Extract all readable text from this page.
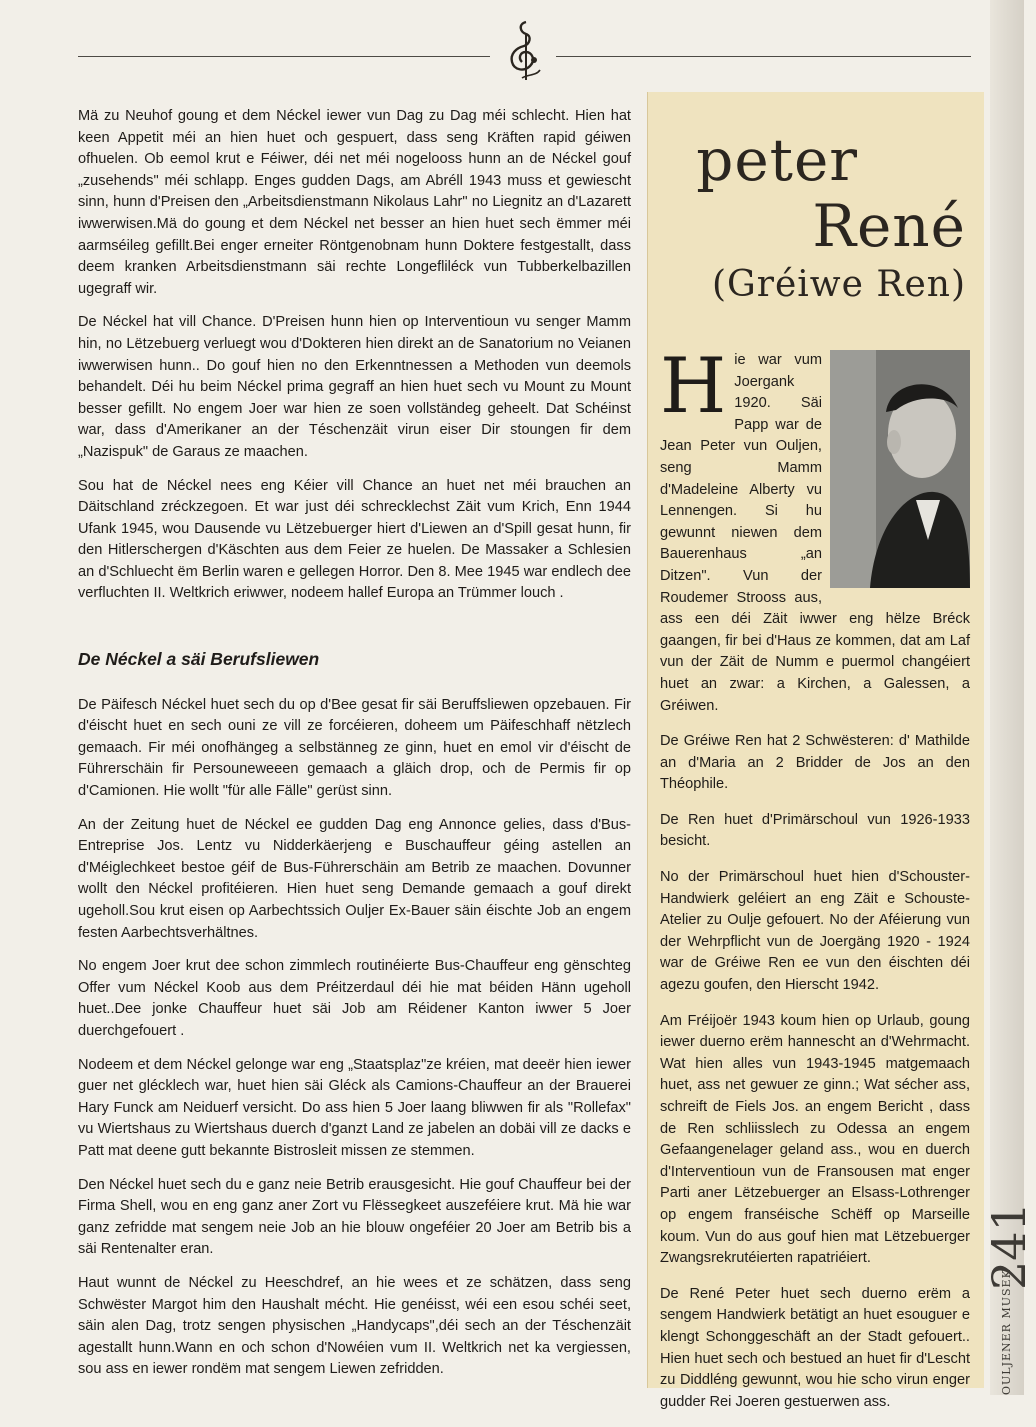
Mä zu Neuhof goung et dem Néckel iewer vun Dag zu Dag méi schlecht. Hien hat keen Appetit méi an hien huet och gespuert, dass seng Kräften rapid géiwen ofhuelen. Ob eemol krut e Féiwer, déi net méi nogelooss hunn an de Néckel gouf „zusehends" méi schlapp. Enges gudden Dags, am Abréll 1943 muss et gewiescht sinn, hunn d'Preisen den „Arbeitsdienstmann Nikolaus Lahr" no Liegnitz an d'Lazarett iwwerwisen.Mä do goung et dem Néckel net besser an hien huet sech ëmmer méi aarmséileg gefillt.Bei enger erneiter Röntgenobnam hunn Doktere festgestallt, dass deem kranken Arbeitsdienstmann säi rechte Longefliléck vun Tubberkelbazillen ugegraff wir.

De Néckel hat vill Chance. D'Preisen hunn hien op Interventioun vu senger Mamm hin, no Lëtzebuerg verluegt wou d'Dokteren hien direkt an de Sanatorium no Veianen iwwerwisen hunn.. Do gouf hien no den Erkenntnessen a Methoden vun deemols behandelt. Déi hu beim Néckel prima gegraff an hien huet sech vu Mount zu Mount besser gefillt. No engem Joer war hien ze soen vollständeg geheelt. Dat Schéinst war, dass d'Amerikaner an der Téschenzäit virun eiser Dir stoungen fir dem „Nazispuk" de Garaus ze maachen.

Sou hat de Néckel nees eng Kéier vill Chance an huet net méi brauchen an Däitschland zréckzegoen. Et war just déi schrecklechst Zäit vum Krich, Enn 1944 Ufank 1945, wou Dausende vu Lëtzebuerger hiert d'Liewen an d'Spill gesat hunn, fir den Hitlerschergen d'Käschten aus dem Feier ze huelen. De Massaker a Schlesien an d'Schluecht ëm Berlin waren e gellegen Horror. Den 8. Mee 1945 war endlech dee verfluchten II. Weltkrich eriwwer, nodeem hallef Europa an Trümmer louch .

De Néckel a säi Berufsliewen

De Päifesch Néckel huet sech du op d'Bee gesat fir säi Beruffsliewen opzebauen. Fir d'éischt huet en sech ouni ze vill ze forcéieren, doheem um Päifeschhaff nëtzlech gemaach. Fir méi onofhängeg a selbstänneg ze ginn, huet en emol vir d'éischt de Führerschäin fir Persouneweeen gemaach a gläich drop, och de Permis fir op d'Camionen. Hie wollt "für alle Fälle" gerüst sinn.

An der Zeitung huet de Néckel ee gudden Dag eng Annonce gelies, dass d'Bus-Entreprise Jos. Lentz vu Nidderkäerjeng e Buschauffeur géing astellen an d'Méiglechkeet bestoe géif de Bus-Führerschäin am Betrib ze maachen. Dovunner wollt den Néckel profitéieren. Hien huet seng Demande gemaach a gouf direkt ugeholl.Sou krut eisen op Aarbechtssich Ouljer Ex-Bauer säin éischte Job an engem festen Aarbechtsverhältnes.

No engem Joer krut dee schon zimmlech routinéierte Bus-Chauffeur eng gënschteg Offer vum Néckel Koob aus dem Préitzerdaul déi hie mat béiden Hänn ugeholl huet..Dee jonke Chauffeur huet säi Job am Réidener Kanton iwwer 5 Joer duerchgefouert .

Nodeem et dem Néckel gelonge war eng „Staatsplaz"ze kréien, mat deeër hien iewer guer net glécklech war, huet hien säi Gléck als Camions-Chauffeur an der Brauerei Hary Funck am Neiduerf versicht. Do ass hien 5 Joer laang bliwwen fir als "Rollefax" vu Wiertshaus zu Wiertshaus duerch d'ganzt Land ze jabelen an dobäi vill ze dacks e Patt mat deene gutt bekannte Bistrosleit missen ze stemmen.

Den Néckel huet sech du e ganz neie Betrib erausgesicht. Hie gouf Chauffeur bei der Firma Shell, wou en eng ganz aner Zort vu Flëssegkeet auszeféiere krut. Mä hie war ganz zefridde mat sengem neie Job an hie blouw ongeféier 20 Joer am Betrib bis a säi Rentenalter eran.

Haut wunnt de Néckel zu Heeschdref, an hie wees et ze schätzen, dass seng Schwëster Margot him den Haushalt mécht. Hie genéisst, wéi een esou schéi seet, säin alen Dag, trotz sengen physischen „Handycaps",déi sech an der Téschenzäit agestallt hunn.Wann en och schon d'Nowéien vum II. Weltkrich net ka vergiessen, sou ass en iewer rondëm mat sengem Liewen zefridden.

peter
René
(Gréiwe Ren)

Hie war vum Joergank 1920. Säi Papp war de Jean Peter vun Ouljen, seng Mamm d'Madeleine Alberty vu Lennengen. Si hu gewunnt niewen dem Bauerenhaus „an Ditzen". Vun der Roudemer Strooss aus, ass een déi Zäit iwwer eng hëlze Bréck gaangen, fir bei d'Haus ze kommen, dat am Laf vun der Zäit de Numm e puermol changéiert huet an zwar: a Kirchen, a Galessen, a Gréiwen.

De Gréiwe Ren hat 2 Schwësteren: d' Mathilde an d'Maria an 2 Bridder de Jos an den Théophile.

De Ren huet d'Primärschoul vun 1926-1933 besicht.

No der Primärschoul huet hien d'Schouster-Handwierk geléiert an eng Zäit e Schouste-Atelier zu Oulje gefouert. No der Aféierung vun der Wehrpflicht vun de Joergäng 1920 - 1924 war de Gréiwe Ren ee vun den éischten déi agezu goufen, den Hierscht 1942.

Am Fréijoër 1943 koum hien op Urlaub, goung iewer duerno erëm hannescht an d'Wehrmacht. Wat hien alles vun 1943-1945 matgemaach huet, ass net gewuer ze ginn.; Wat sécher ass, schreift de Fiels Jos. an engem Bericht , dass de Ren schliisslech zu Odessa an engem Gefaangenelager geland ass., wou en duerch d'Interventioun vun de Fransousen mat enger Parti aner Lëtzebuerger an Elsass-Lothrenger op engem franséische Schëff op Marseille koum. Vun do aus gouf hien mat Lëtzebuerger Zwangsrekrutéierten rapatriéiert.

De René Peter huet sech duerno erëm a sengem Handwierk betätigt an huet esouguer e klengt Schonggeschäft an der Stadt gefouert.. Hien huet sech och bestued an huet fir d'Lescht zu Diddléng gewunnt, wou hie scho virun enger gudder Rei Joeren gestuerwen ass.

241
OULJENER MUSEK
